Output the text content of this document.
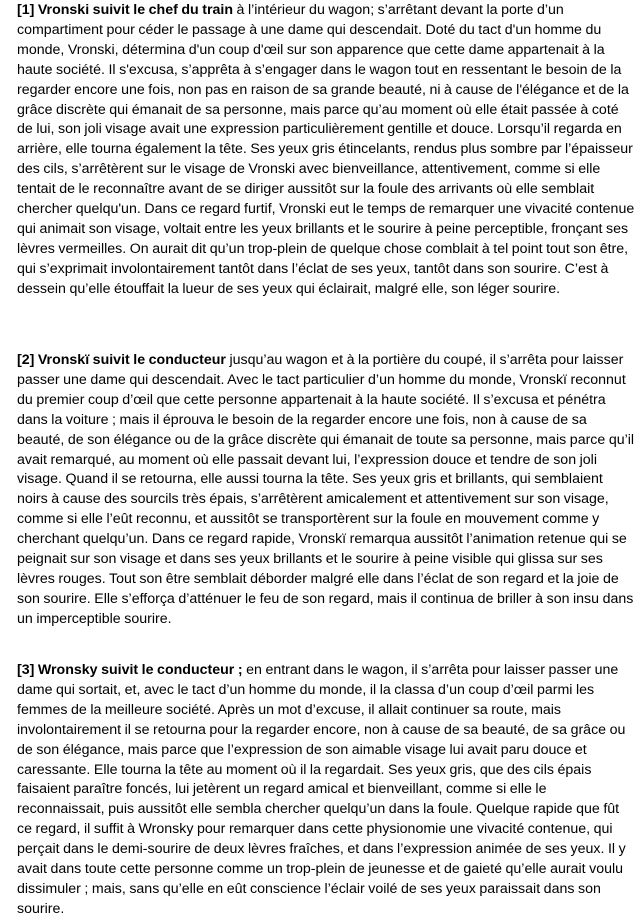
[1] Vronski suivit le chef du train à l’intérieur du wagon; s’arrêtant devant la porte d’un compartiment pour céder le passage à une dame qui descendait. Doté du tact d'un homme du monde, Vronski, détermina d'un coup d'œil sur son apparence que cette dame appartenait à la haute société. Il s'excusa, s’apprêta à s’engager dans le wagon tout en ressentant le besoin de la regarder encore une fois, non pas en raison de sa grande beauté, ni à cause de l'élégance et de la grâce discrète qui émanait de sa personne, mais parce qu’au moment où elle était passée à coté de lui, son joli visage avait une expression particulièrement gentille et douce. Lorsqu’il regarda en arrière, elle tourna également la tête. Ses yeux gris étincelants, rendus plus sombre par l’épaisseur des cils, s’arrêtèrent sur le visage de Vronski avec bienveillance, attentivement, comme si elle tentait de le reconnaître avant de se diriger aussitôt sur la foule des arrivants où elle semblait chercher quelqu'un. Dans ce regard furtif, Vronski eut le temps de remarquer une vivacité contenue qui animait son visage, voltait entre les yeux brillants et le sourire à peine perceptible, fronçant ses lèvres vermeilles. On aurait dit qu’un trop-plein de quelque chose comblait à tel point tout son être, qui s’exprimait involontairement tantôt dans l’éclat de ses yeux, tantôt dans son sourire. C’est à dessein qu’elle étouffait la lueur de ses yeux qui éclairait, malgré elle, son léger sourire.

[2] Vronskï suivit le conducteur jusqu’au wagon et à la portière du coupé, il s’arrêta pour laisser passer une dame qui descendait. Avec le tact particulier d’un homme du monde, Vronskï reconnut du premier coup d’œil que cette personne appartenait à la haute société. Il s’excusa et pénétra dans la voiture ; mais il éprouva le besoin de la regarder encore une fois, non à cause de sa beauté, de son élégance ou de la grâce discrète qui émanait de toute sa personne, mais parce qu’il avait remarqué, au moment où elle passait devant lui, l’expression douce et tendre de son joli visage. Quand il se retourna, elle aussi tourna la tête. Ses yeux gris et brillants, qui semblaient noirs à cause des sourcils très épais, s’arrêtèrent amicalement et attentivement sur son visage, comme si elle l’eût reconnu, et aussitôt se transportèrent sur la foule en mouvement comme y cherchant quelqu’un. Dans ce regard rapide, Vronskï remarqua aussitôt l’animation retenue qui se peignait sur son visage et dans ses yeux brillants et le sourire à peine visible qui glissa sur ses lèvres rouges. Tout son être semblait déborder malgré elle dans l’éclat de son regard et la joie de son sourire. Elle s’efforça d’atténuer le feu de son regard, mais il continua de briller à son insu dans un imperceptible sourire.

[3] Wronsky suivit le conducteur ; en entrant dans le wagon, il s’arrêta pour laisser passer une dame qui sortait, et, avec le tact d’un homme du monde, il la classa d’un coup d’œil parmi les femmes de la meilleure société. Après un mot d’excuse, il allait continuer sa route, mais involontairement il se retourna pour la regarder encore, non à cause de sa beauté, de sa grâce ou de son élégance, mais parce que l’expression de son aimable visage lui avait paru douce et caressante. Elle tourna la tête au moment où il la regardait. Ses yeux gris, que des cils épais faisaient paraître foncés, lui jetèrent un regard amical et bienveillant, comme si elle le reconnaissait, puis aussitôt elle sembla chercher quelqu’un dans la foule. Quelque rapide que fût ce regard, il suffit à Wronsky pour remarquer dans cette physionomie une vivacité contenue, qui perçait dans le demi-sourire de deux lèvres fraîches, et dans l’expression animée de ses yeux. Il y avait dans toute cette personne comme un trop-plein de jeunesse et de gaieté qu’elle aurait voulu dissimuler ; mais, sans qu’elle en eût conscience l’éclair voilé de ses yeux paraissait dans son sourire.
